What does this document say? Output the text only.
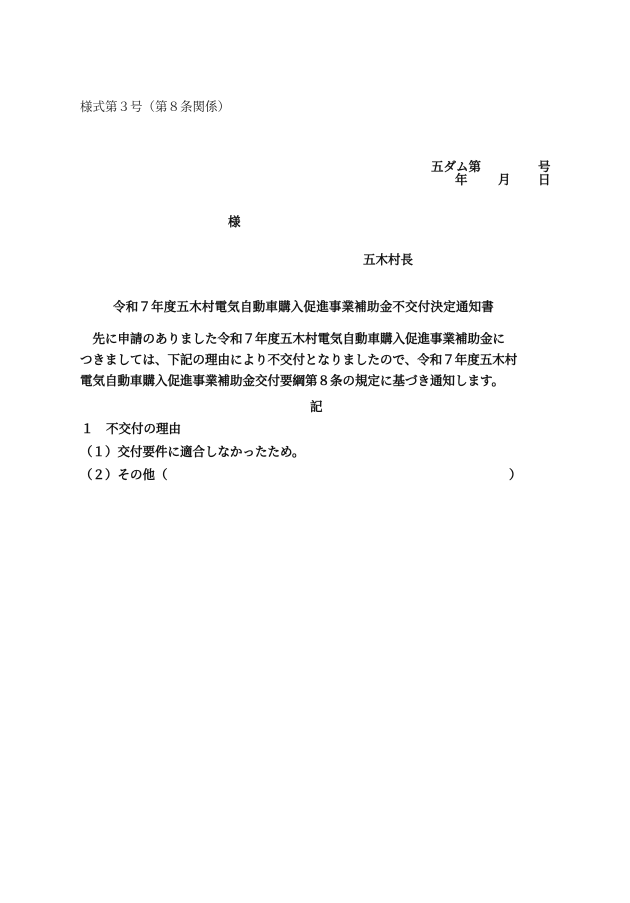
様式第３号（第８条関係）
五ダム第	号
年 月 日
様
五木村長
令和７年度五木村電気自動車購入促進事業補助金不交付決定通知書
　先に申請のありました令和７年度五木村電気自動車購入促進事業補助金に
つきましては、下記の理由により不交付となりましたので、令和７年度五木村
電気自動車購入促進事業補助金交付要綱第８条の規定に基づき通知します。
記
１　不交付の理由
（１）交付要件に適合しなかったため。
（２）その他（	）
